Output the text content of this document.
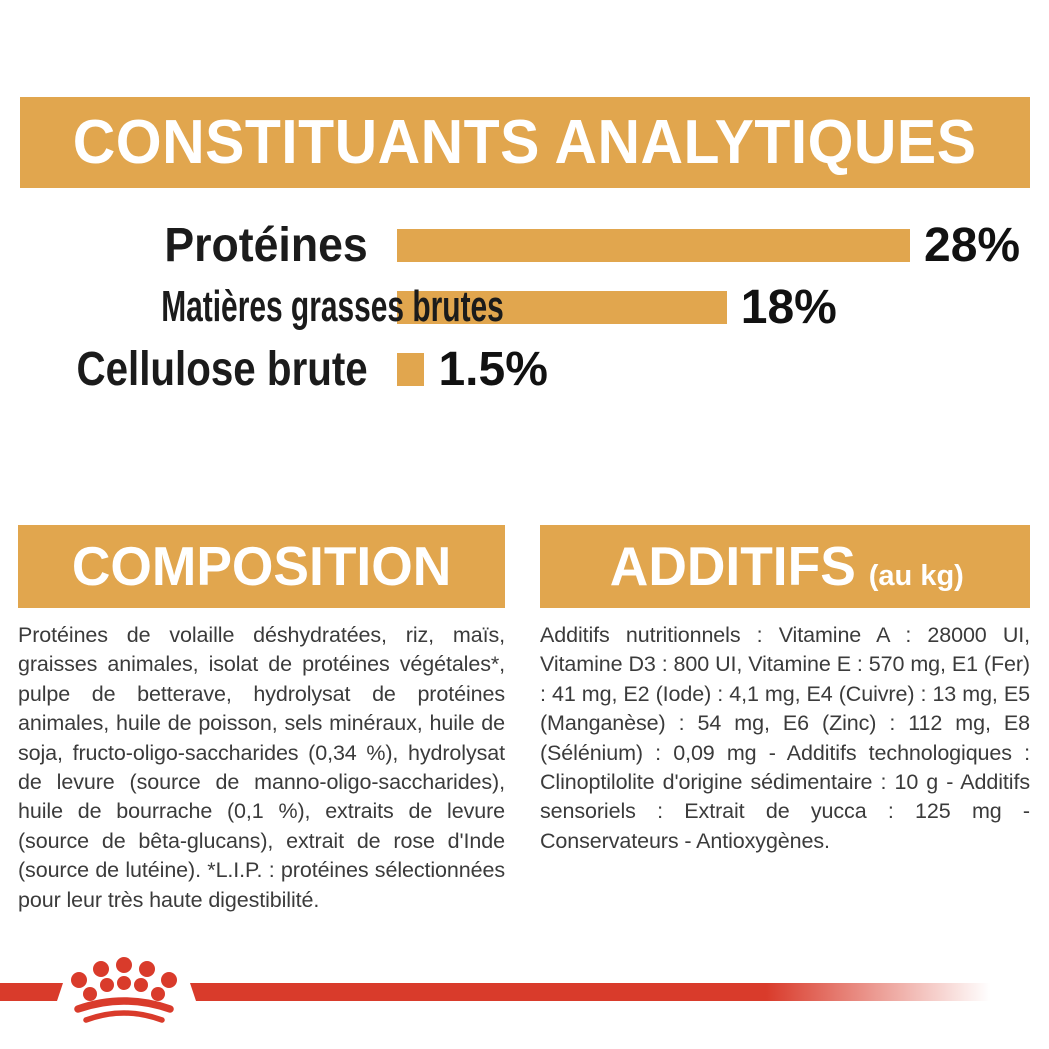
CONSTITUANTS ANALYTIQUES
Protéines	28%
Matières grasses brutes	18%
Cellulose brute 1.5%
COMPOSITION
Protéines de volaille déshydratées, riz, maïs, graisses animales, isolat de protéines végétales*, pulpe de betterave, hydrolysat de protéines animales, huile de poisson, sels minéraux, huile de soja, fructo-oligo-saccharides (0,34 %), hydrolysat de levure (source de manno-oligo-saccharides), huile de bourrache (0,1 %), extraits de levure (source de bêta-glucans), extrait de rose d'Inde (source de lutéine). *L.I.P. : protéines sélectionnées pour leur très haute digestibilité.
ADDITIFS (au kg)
Additifs nutritionnels : Vitamine A : 28000 UI, Vitamine D3 : 800 UI, Vitamine E : 570 mg, E1 (Fer) : 41 mg, E2 (Iode) : 4,1 mg, E4 (Cuivre) : 13 mg, E5 (Manganèse) : 54 mg, E6 (Zinc) : 112 mg, E8 (Sélénium) : 0,09 mg - Additifs technologiques : Clinoptilolite d'origine sédimentaire : 10 g - Additifs sensoriels : Extrait de yucca : 125 mg - Conservateurs - Antioxygènes.
